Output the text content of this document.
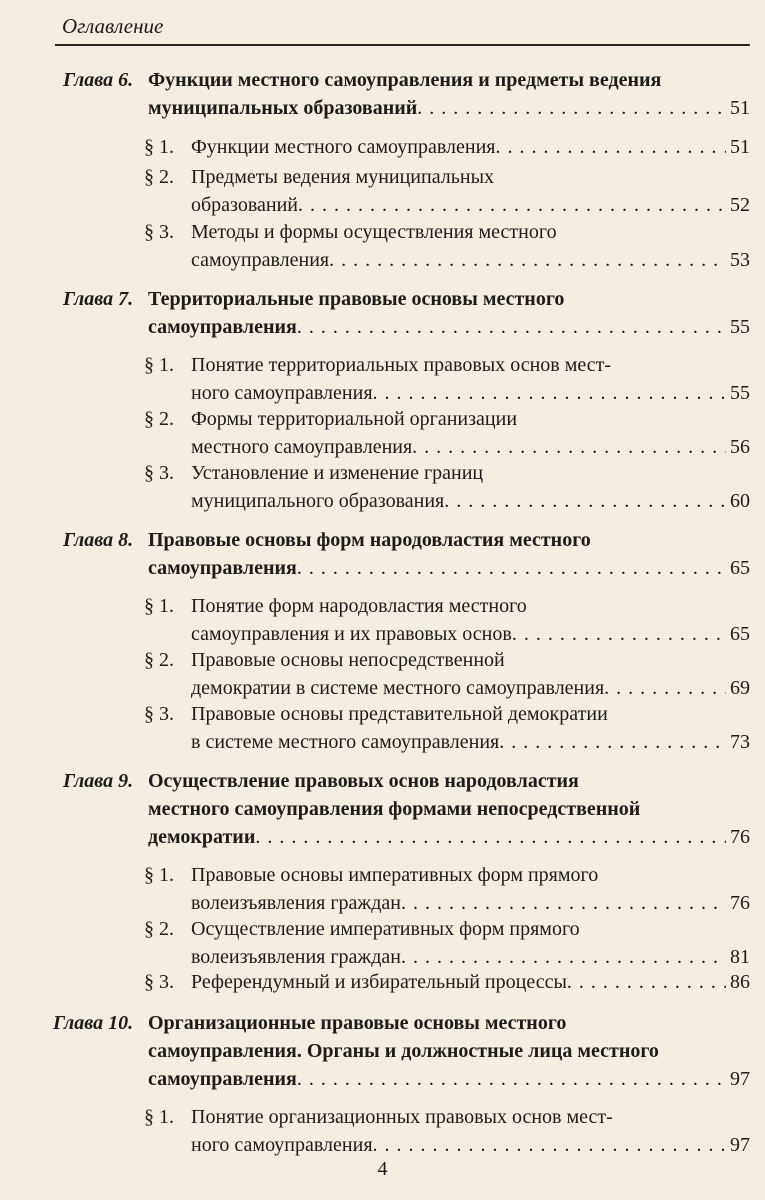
Оглавление
Глава 6. Функции местного самоуправления и предметы ведения
муниципальных образований . . .	51
§ 1. Функции местного самоуправления . . .	51
§ 2. Предметы ведения муниципальных
образований . . .	52
§ 3. Методы и формы осуществления местного
самоуправления . . .	53
Глава 7. Территориальные правовые основы местного
самоуправления . . .	55
§ 1. Понятие территориальных правовых основ мест-
ного самоуправления . . .	55
§ 2. Формы территориальной организации
местного самоуправления . . .	56
§ 3. Установление и изменение границ
муниципального образования . . .	60
Глава 8. Правовые основы форм народовластия местного
самоуправления . . .	65
§ 1. Понятие форм народовластия местного
самоуправления и их правовых основ . . .	65
§ 2. Правовые основы непосредственной
демократии в системе местного самоуправления . . .	69
§ 3. Правовые основы представительной демократии
в системе местного самоуправления . . .	73
Глава 9. Осуществление правовых основ народовластия
местного самоуправления формами непосредственной
демократии . . .	76
§ 1. Правовые основы императивных форм прямого
волеизъявления граждан . . .	76
§ 2. Осуществление императивных форм прямого
волеизъявления граждан . . .	81
§ 3. Референдумный и избирательный процессы . . .	86
Глава 10. Организационные правовые основы местного
самоуправления. Органы и должностные лица местного
самоуправления . . .	97
§ 1. Понятие организационных правовых основ мест-
ного самоуправления . . .	97
4
